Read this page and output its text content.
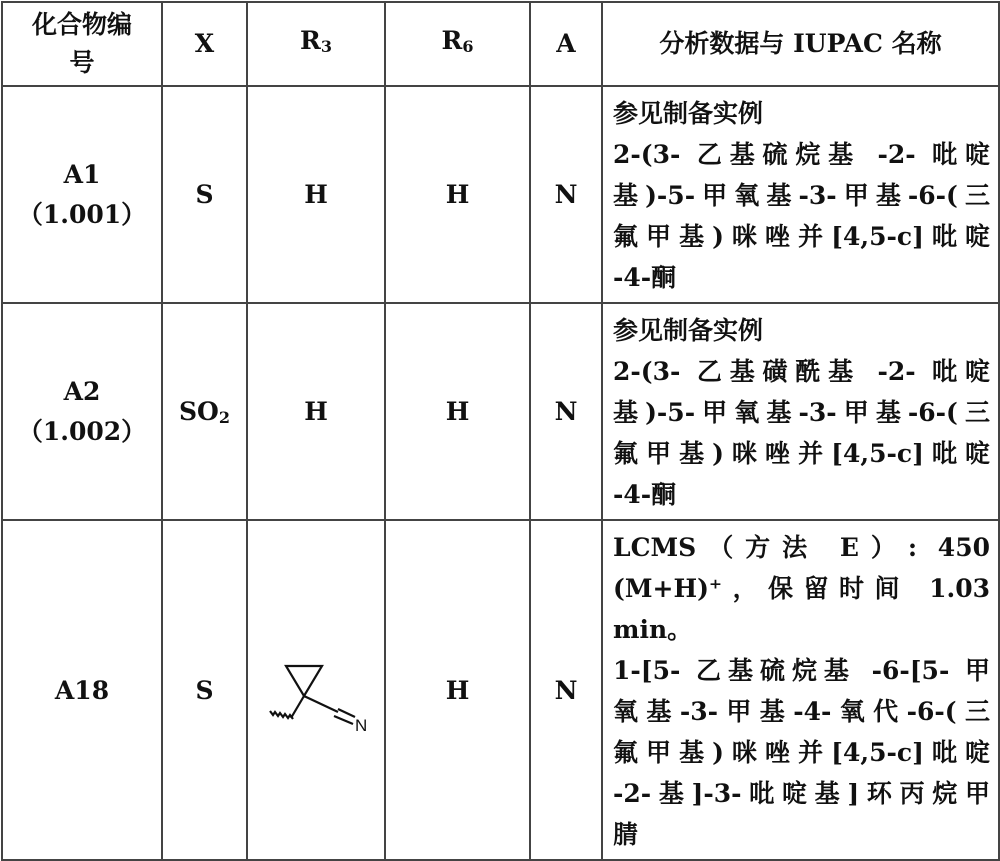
化合物编
号	X	R3	R6	A	分析数据与 IUPAC 名称
A1
（1.001）	S	H	H	N	
参见制备实例
2-(3- 乙基硫烷基 -2- 吡啶
基)-5-甲氧基-3-甲基-6-(三
氟甲基)咪唑并[4,5-c]吡啶
-4-酮

A2
（1.002）	SO2	H	H	N	
参见制备实例
2-(3- 乙基磺酰基 -2- 吡啶
基)-5-甲氧基-3-甲基-6-(三
氟甲基)咪唑并[4,5-c]吡啶
-4-酮

A18	S	
N
	H	N	
LCMS（方法 E）: 450
(M+H)⁺，保留时间 1.03
min。
1-[5- 乙基硫烷基 -6-[5- 甲
氧基-3-甲基-4-氧代-6-(三
氟甲基)咪唑并[4,5-c]吡啶
-2-基]-3-吡啶基]环丙烷甲
腈
